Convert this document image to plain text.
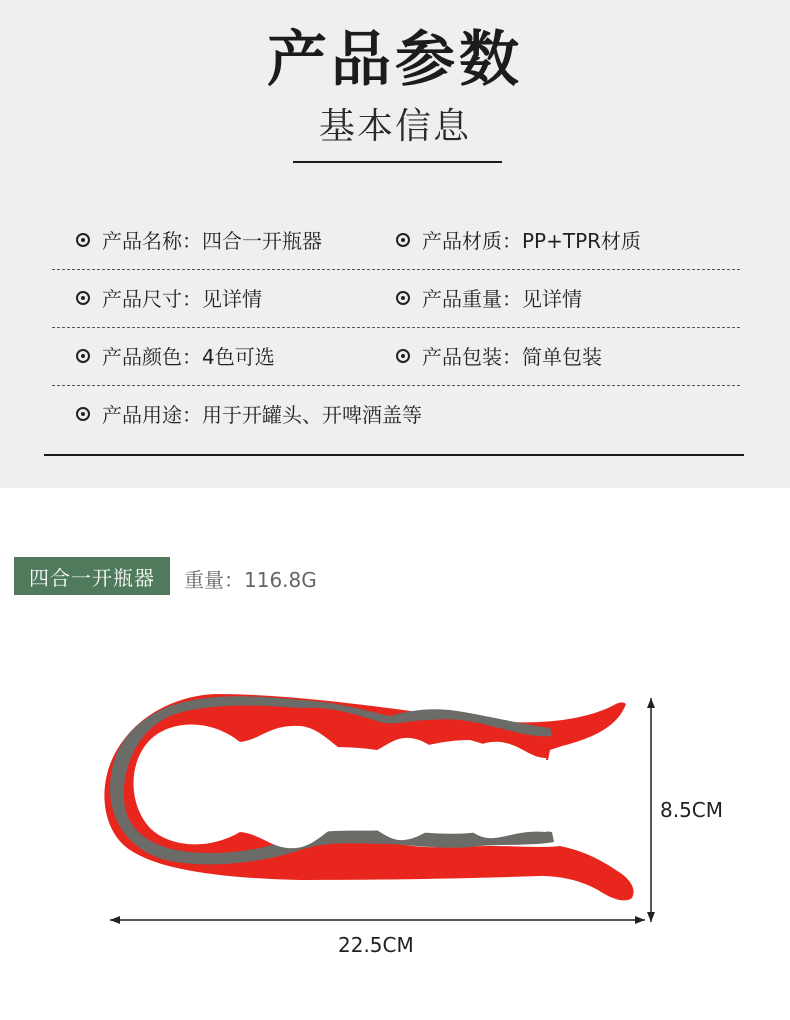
产品参数
基本信息
产品名称：四合一开瓶器	产品材质：PP+TPR材质
产品尺寸：见详情	产品重量：见详情
产品颜色：4色可选	产品包装：简单包装
产品用途：用于开罐头、开啤酒盖等
四合一开瓶器	重量：116.8G
8.5CM
22.5CM
